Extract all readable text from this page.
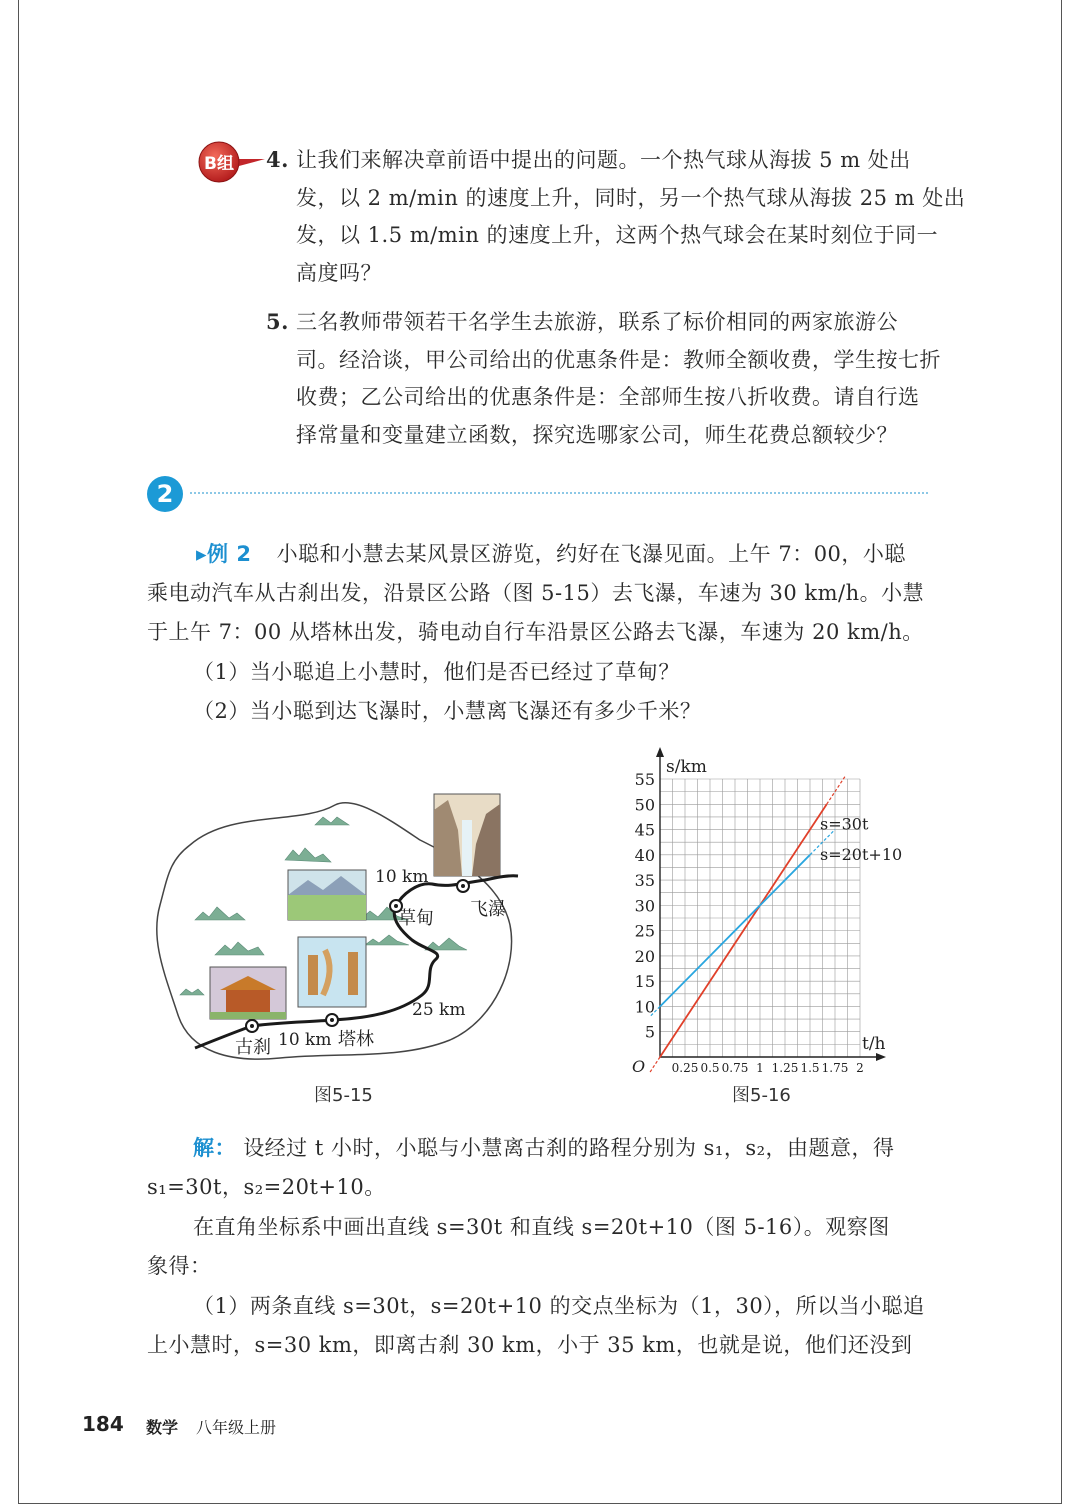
B组 4. 让我们来解决章前语中提出的问题。一个热气球从海拔 5 m 处出
发，以 2 m/min 的速度上升，同时，另一个热气球从海拔 25 m 处出
发，以 1.5 m/min 的速度上升，这两个热气球会在某时刻位于同一
高度吗？
5. 三名教师带领若干名学生去旅游，联系了标价相同的两家旅游公
司。经洽谈，甲公司给出的优惠条件是：教师全额收费，学生按七折
收费；乙公司给出的优惠条件是：全部师生按八折收费。请自行选
择常量和变量建立函数，探究选哪家公司，师生花费总额较少？
2
▸例 2 小聪和小慧去某风景区游览，约好在飞瀑见面。上午 7：00，小聪
乘电动汽车从古刹出发，沿景区公路（图 5-15）去飞瀑，车速为 30 km/h。小慧
于上午 7：00 从塔林出发，骑电动自行车沿景区公路去飞瀑，车速为 20 km/h。
（1）当小聪追上小慧时，他们是否已经过了草甸？
（2）当小聪到达飞瀑时，小慧离飞瀑还有多少千米？
古刹	塔林
草甸 飞瀑
10 km
25 km
10 km
图5-15
s=30t
s=20t+10
5
10
15
20
25
30
35
40
45
50
55
0.25 0.5 0.75 1 1.25 1.5 1.75 2
O
s/km
t/h
图5-16
解： 设经过 t 小时，小聪与小慧离古刹的路程分别为 s₁，s₂，由题意，得
s₁=30t，s₂=20t+10。
在直角坐标系中画出直线 s=30t 和直线 s=20t+10（图 5-16）。观察图
象得：
（1）两条直线 s=30t，s=20t+10 的交点坐标为（1，30），所以当小聪追
上小慧时，s=30 km，即离古刹 30 km，小于 35 km，也就是说，他们还没到
184 数学 八年级上册
